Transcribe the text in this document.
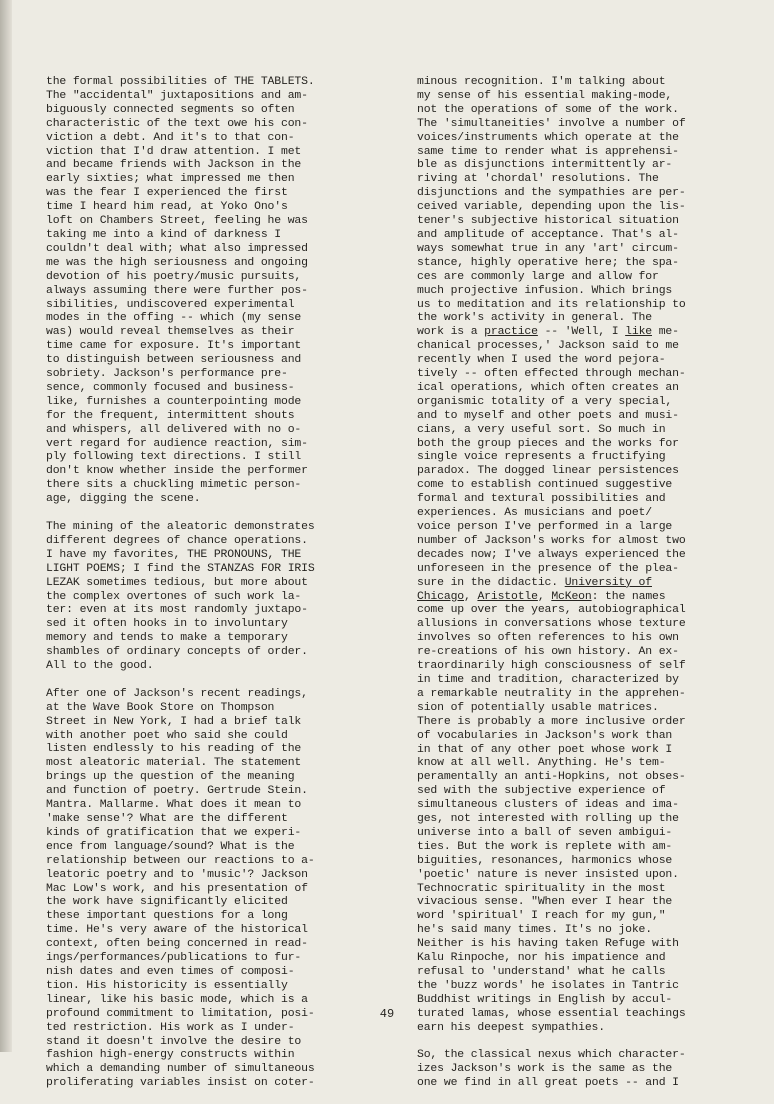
the formal possibilities of THE TABLETS.
The "accidental" juxtapositions and am-
biguously connected segments so often
characteristic of the text owe his con-
viction a debt. And it's to that con-
viction that I'd draw attention. I met
and became friends with Jackson in the
early sixties; what impressed me then
was the fear I experienced the first
time I heard him read, at Yoko Ono's
loft on Chambers Street, feeling he was
taking me into a kind of darkness I
couldn't deal with; what also impressed
me was the high seriousness and ongoing
devotion of his poetry/music pursuits,
always assuming there were further pos-
sibilities, undiscovered experimental
modes in the offing -- which (my sense
was) would reveal themselves as their
time came for exposure. It's important
to distinguish between seriousness and
sobriety. Jackson's performance pre-
sence, commonly focused and business-
like, furnishes a counterpointing mode
for the frequent, intermittent shouts
and whispers, all delivered with no o-
vert regard for audience reaction, sim-
ply following text directions. I still
don't know whether inside the performer
there sits a chuckling mimetic person-
age, digging the scene.

The mining of the aleatoric demonstrates
different degrees of chance operations.
I have my favorites, THE PRONOUNS, THE
LIGHT POEMS; I find the STANZAS FOR IRIS
LEZAK sometimes tedious, but more about
the complex overtones of such work la-
ter: even at its most randomly juxtapo-
sed it often hooks in to involuntary
memory and tends to make a temporary
shambles of ordinary concepts of order.
All to the good.

After one of Jackson's recent readings,
at the Wave Book Store on Thompson
Street in New York, I had a brief talk
with another poet who said she could
listen endlessly to his reading of the
most aleatoric material. The statement
brings up the question of the meaning
and function of poetry. Gertrude Stein.
Mantra. Mallarme. What does it mean to
'make sense'? What are the different
kinds of gratification that we experi-
ence from language/sound? What is the
relationship between our reactions to a-
leatoric poetry and to 'music'? Jackson
Mac Low's work, and his presentation of
the work have significantly elicited
these important questions for a long
time. He's very aware of the historical
context, often being concerned in read-
ings/performances/publications to fur-
nish dates and even times of composi-
tion. His historicity is essentially
linear, like his basic mode, which is a
profound commitment to limitation, posi-
ted restriction. His work as I under-
stand it doesn't involve the desire to
fashion high-energy constructs within
which a demanding number of simultaneous
proliferating variables insist on coter-

minous recognition. I'm talking about
my sense of his essential making-mode,
not the operations of some of the work.
The 'simultaneities' involve a number of
voices/instruments which operate at the
same time to render what is apprehensi-
ble as disjunctions intermittently ar-
riving at 'chordal' resolutions. The
disjunctions and the sympathies are per-
ceived variable, depending upon the lis-
tener's subjective historical situation
and amplitude of acceptance. That's al-
ways somewhat true in any 'art' circum-
stance, highly operative here; the spa-
ces are commonly large and allow for
much projective infusion. Which brings
us to meditation and its relationship to
the work's activity in general. The
work is a practice -- 'Well, I like me-
chanical processes,' Jackson said to me
recently when I used the word pejora-
tively -- often effected through mechan-
ical operations, which often creates an
organismic totality of a very special,
and to myself and other poets and musi-
cians, a very useful sort. So much in
both the group pieces and the works for
single voice represents a fructifying
paradox. The dogged linear persistences
come to establish continued suggestive
formal and textural possibilities and
experiences. As musicians and poet/
voice person I've performed in a large
number of Jackson's works for almost two
decades now; I've always experienced the
unforeseen in the presence of the plea-
sure in the didactic. University of
Chicago, Aristotle, McKeon: the names
come up over the years, autobiographical
allusions in conversations whose texture
involves so often references to his own
re-creations of his own history. An ex-
traordinarily high consciousness of self
in time and tradition, characterized by
a remarkable neutrality in the apprehen-
sion of potentially usable matrices.
There is probably a more inclusive order
of vocabularies in Jackson's work than
in that of any other poet whose work I
know at all well. Anything. He's tem-
peramentally an anti-Hopkins, not obses-
sed with the subjective experience of
simultaneous clusters of ideas and ima-
ges, not interested with rolling up the
universe into a ball of seven ambigui-
ties. But the work is replete with am-
biguities, resonances, harmonics whose
'poetic' nature is never insisted upon.
Technocratic spirituality in the most
vivacious sense. "When ever I hear the
word 'spiritual' I reach for my gun,"
he's said many times. It's no joke.
Neither is his having taken Refuge with
Kalu Rinpoche, nor his impatience and
refusal to 'understand' what he calls
the 'buzz words' he isolates in Tantric
Buddhist writings in English by accul-
turated lamas, whose essential teachings
earn his deepest sympathies.

So, the classical nexus which character-
izes Jackson's work is the same as the
one we find in all great poets -- and I

49
